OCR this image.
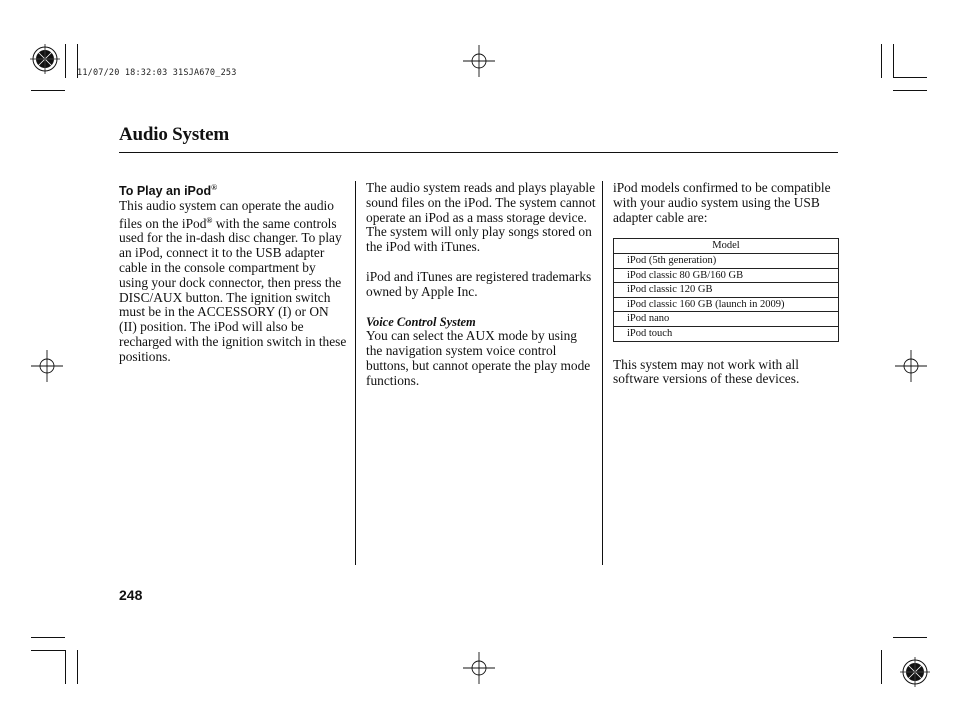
11/07/20 18:32:03 31SJA670_253
Audio System

To Play an iPod®

This audio system can operate the audio files on the iPod® with the same controls used for the in-dash disc changer. To play an iPod, connect it to the USB adapter cable in the console compartment by using your dock connector, then press the DISC/AUX button. The ignition switch must be in the ACCESSORY (I) or ON (II) position. The iPod will also be recharged with the ignition switch in these positions.

The audio system reads and plays playable sound files on the iPod. The system cannot operate an iPod as a mass storage device. The system will only play songs stored on the iPod with iTunes.

iPod and iTunes are registered trademarks owned by Apple Inc.

Voice Control System

You can select the AUX mode by using the navigation system voice control buttons, but cannot operate the play mode functions.

iPod models confirmed to be compatible with your audio system using the USB adapter cable are:

Model
iPod (5th generation)
iPod classic 80 GB/160 GB
iPod classic 120 GB
iPod classic 160 GB (launch in 2009)
iPod nano
iPod touch

This system may not work with all software versions of these devices.

248
